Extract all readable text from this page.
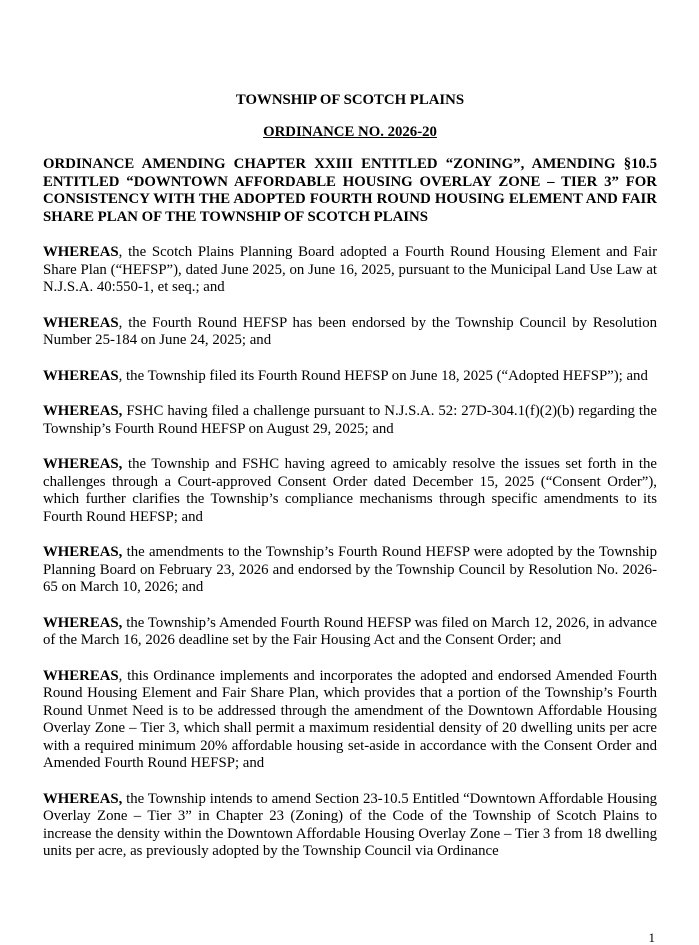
TOWNSHIP OF SCOTCH PLAINS
ORDINANCE NO. 2026-20
ORDINANCE AMENDING CHAPTER XXIII ENTITLED “ZONING”, AMENDING §10.5 ENTITLED “DOWNTOWN AFFORDABLE HOUSING OVERLAY ZONE – TIER 3” FOR CONSISTENCY WITH THE ADOPTED FOURTH ROUND HOUSING ELEMENT AND FAIR SHARE PLAN OF THE TOWNSHIP OF SCOTCH PLAINS
WHEREAS, the Scotch Plains Planning Board adopted a Fourth Round Housing Element and Fair Share Plan (“HEFSP”), dated June 2025, on June 16, 2025, pursuant to the Municipal Land Use Law at N.J.S.A. 40:550-1, et seq.; and
WHEREAS, the Fourth Round HEFSP has been endorsed by the Township Council by Resolution Number 25-184 on June 24, 2025; and
WHEREAS, the Township filed its Fourth Round HEFSP on June 18, 2025 (“Adopted HEFSP”); and
WHEREAS, FSHC having filed a challenge pursuant to N.J.S.A. 52: 27D-304.1(f)(2)(b) regarding the Township’s Fourth Round HEFSP on August 29, 2025; and
WHEREAS, the Township and FSHC having agreed to amicably resolve the issues set forth in the challenges through a Court-approved Consent Order dated December 15, 2025 (“Consent Order”), which further clarifies the Township’s compliance mechanisms through specific amendments to its Fourth Round HEFSP; and
WHEREAS, the amendments to the Township’s Fourth Round HEFSP were adopted by the Township Planning Board on February 23, 2026 and endorsed by the Township Council by Resolution No. 2026-65 on March 10, 2026; and
WHEREAS, the Township’s Amended Fourth Round HEFSP was filed on March 12, 2026, in advance of the March 16, 2026 deadline set by the Fair Housing Act and the Consent Order; and
WHEREAS, this Ordinance implements and incorporates the adopted and endorsed Amended Fourth Round Housing Element and Fair Share Plan, which provides that a portion of the Township’s Fourth Round Unmet Need is to be addressed through the amendment of the Downtown Affordable Housing Overlay Zone – Tier 3, which shall permit a maximum residential density of 20 dwelling units per acre with a required minimum 20% affordable housing set-aside in accordance with the Consent Order and Amended Fourth Round HEFSP; and
WHEREAS, the Township intends to amend Section 23-10.5 Entitled “Downtown Affordable Housing Overlay Zone – Tier 3” in Chapter 23 (Zoning) of the Code of the Township of Scotch Plains to increase the density within the Downtown Affordable Housing Overlay Zone – Tier 3 from 18 dwelling units per acre, as previously adopted by the Township Council via Ordinance
1
